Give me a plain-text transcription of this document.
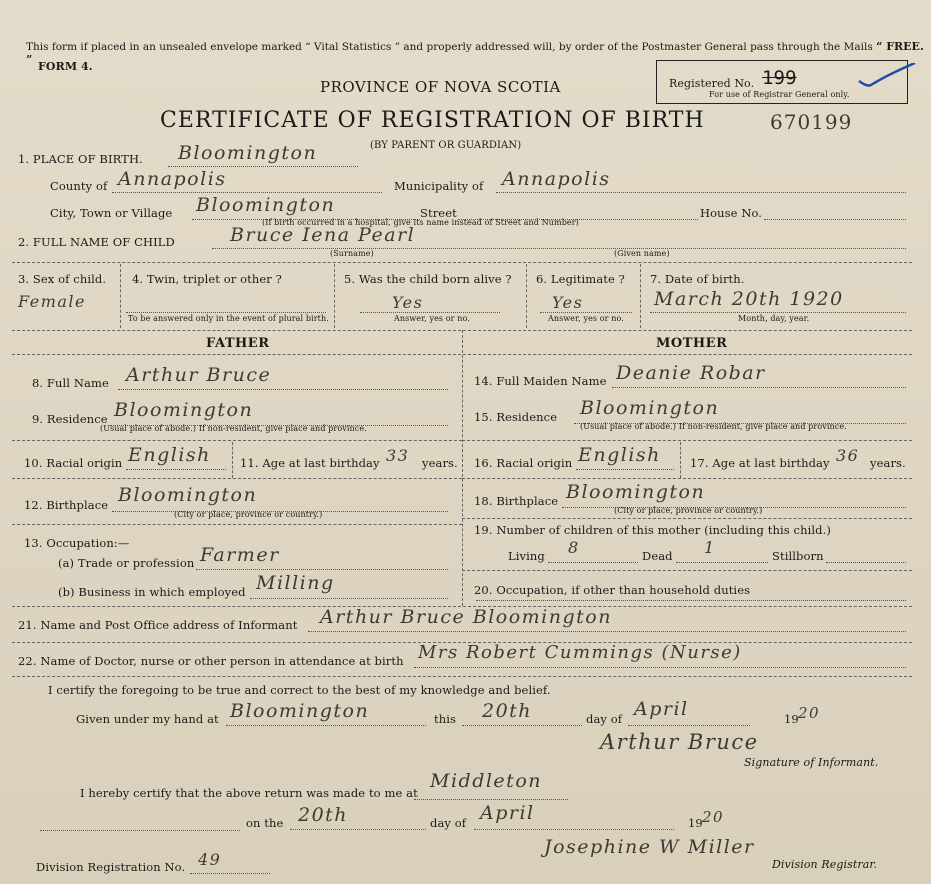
This form if placed in an unsealed envelope marked “ Vital Statistics ” and properly addressed will, by order of the Postmaster General pass through the Mails “ FREE. ”
FORM 4.
Registered No. 199
For use of Registrar General only.
PROVINCE OF NOVA SCOTIA
CERTIFICATE OF REGISTRATION OF BIRTH	670199
(BY PARENT OR GUARDIAN)
1. PLACE OF BIRTH. Bloomington
County of Annapolis	Municipality of Annapolis
City, Town or Village Bloomington	Street
(If birth occurred in a hospital, give its name instead of Street and Number)
House No.
2. FULL NAME OF CHILD	Bruce Iena Pearl
(Surname)	(Given name)
3. Sex of child.
Female
4. Twin, triplet or other ?
To be answered only in the event of plural birth.
5. Was the child born alive ?
Yes
Answer, yes or no.
6. Legitimate ?
Yes
Answer, yes or no.
7. Date of birth.
March 20th 1920
Month, day, year.
FATHER	MOTHER
8. Full Name Arthur Bruce
9. Residence Bloomington
(Usual place of abode.) If non-resident, give place and province.
10. Racial origin English	11. Age at last birthday 33 years.
12. Birthplace Bloomington
(City or place, province or country.)
13. Occupation:—
(a) Trade or profession Farmer
(b) Business in which employed Milling
14. Full Maiden Name Deanie Robar
15. Residence Bloomington
(Usual place of abode.) If non-resident, give place and province.
16. Racial origin English	17. Age at last birthday 36 years.
18. Birthplace Bloomington
(City or place, province or country.)
19. Number of children of this mother (including this child.)
Living 8	Dead 1	Stillborn
20. Occupation, if other than household duties
21. Name and Post Office address of Informant Arthur Bruce Bloomington
22. Name of Doctor, nurse or other person in attendance at birth Mrs Robert Cummings (Nurse)
I certify the foregoing to be true and correct to the best of my knowledge and belief.
Given under my hand at Bloomington	this 20th	day of April	19 20
Arthur Bruce
Signature of Informant.
I hereby certify that the above return was made to me at
Middleton
on the 20th	day of April	19 20
Division Registration No. 49
Josephine W Miller
Division Registrar.
